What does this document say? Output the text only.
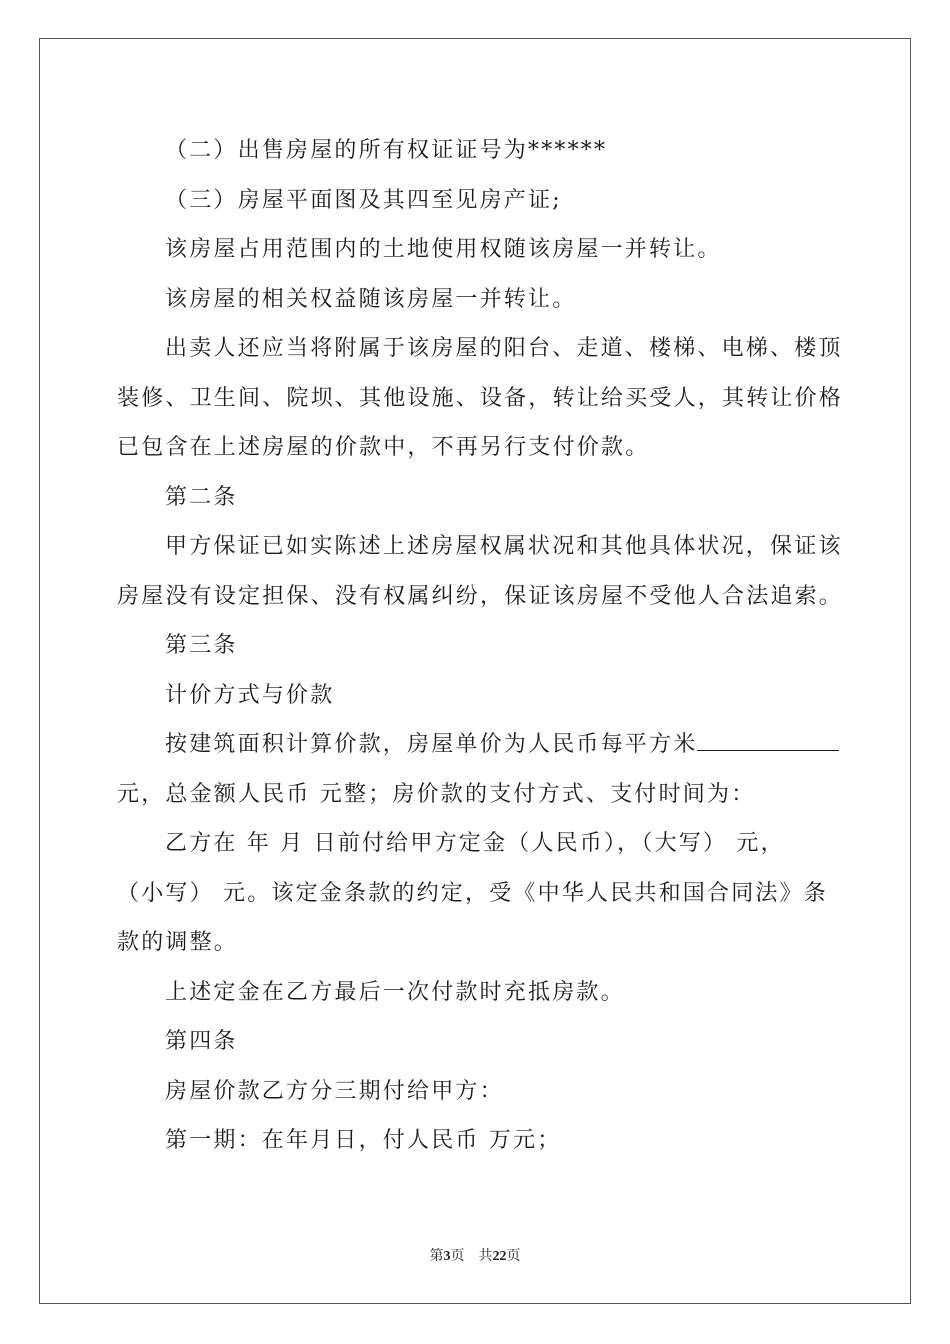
（二）出售房屋的所有权证证号为******

（三）房屋平面图及其四至见房产证;

该房屋占用范围内的土地使用权随该房屋一并转让。

该房屋的相关权益随该房屋一并转让。

出卖人还应当将附属于该房屋的阳台、走道、楼梯、电梯、楼顶

装修、卫生间、院坝、其他设施、设备，转让给买受人，其转让价格

已包含在上述房屋的价款中，不再另行支付价款。

第二条

甲方保证已如实陈述上述房屋权属状况和其他具体状况，保证该

房屋没有设定担保、没有权属纠纷，保证该房屋不受他人合法追索。

第三条

计价方式与价款

按建筑面积计算价款，房屋单价为人民币每平方米

元，总金额人民币 元整；房价款的支付方式、支付时间为：

乙方在 年 月 日前付给甲方定金（人民币），（大写） 元，

（小写） 元。该定金条款的约定，受《中华人民共和国合同法》条

款的调整。

上述定金在乙方最后一次付款时充抵房款。

第四条

房屋价款乙方分三期付给甲方：

第一期：在年月日，付人民币 万元；

第3页 共22页
